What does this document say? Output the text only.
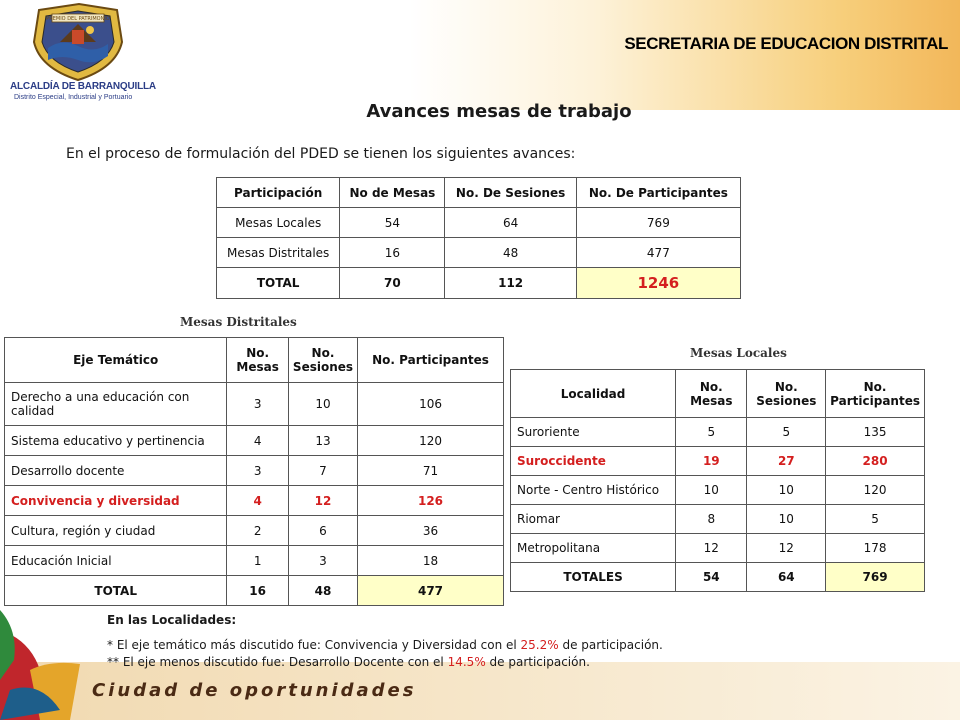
SECRETARIA DE EDUCACION DISTRITAL
PREMIO DEL PATRIMONIO
ALCALDÍA DE BARRANQUILLA
Distrito Especial, Industrial y Portuario
Avances mesas de trabajo
En el proceso de formulación del PDED se tienen los siguientes avances:
Participación	No de Mesas	No. De Sesiones	No. De Participantes
Mesas Locales	54	64	769
Mesas Distritales	16	48	477
TOTAL	70	112	1246
Mesas Distritales
Eje Temático	No. Mesas	No. Sesiones	No. Participantes
Derecho a una educación con calidad	3	10	106
Sistema educativo y pertinencia	4	13	120
Desarrollo docente	3	7	71
Convivencia y diversidad	4	12	126
Cultura, región y ciudad	2	6	36
Educación Inicial	1	3	18
TOTAL	16	48	477
Mesas Locales
Localidad	No. Mesas	No. Sesiones	No. Participantes
Suroriente	5	5	135
Suroccidente	19	27	280
Norte - Centro Histórico	10	10	120
Riomar	8	10	5
Metropolitana	12	12	178
TOTALES	54	64	769
Ciudad de oportunidades
En las Localidades:
* El eje temático más discutido fue: Convivencia y Diversidad con el 25.2% de participación.
** El eje menos discutido fue: Desarrollo Docente con el 14.5% de participación.
